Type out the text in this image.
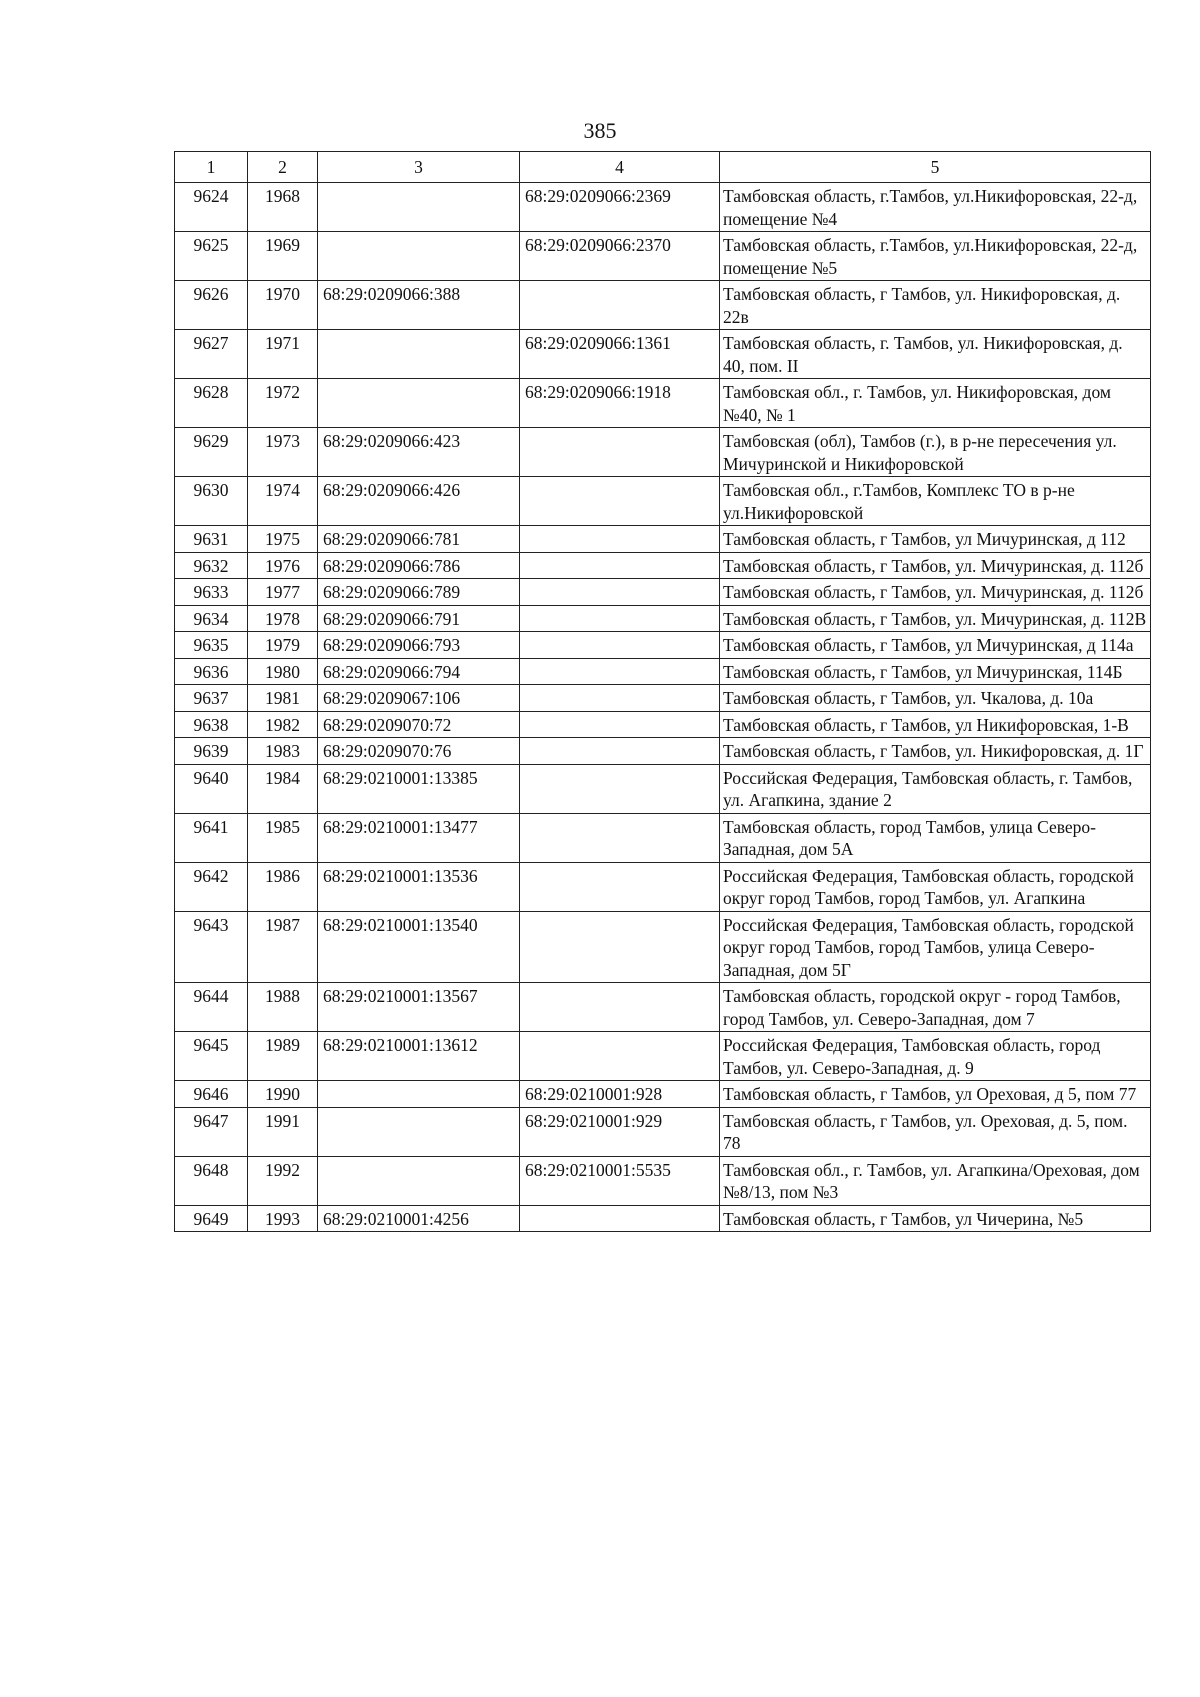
385
1	2	3	4	5
9624	1968		68:29:0209066:2369	Тамбовская область, г.Тамбов, ул.Никифоровская, 22-д, помещение №4
9625	1969		68:29:0209066:2370	Тамбовская область, г.Тамбов, ул.Никифоровская, 22-д, помещение №5
9626	1970	68:29:0209066:388		Тамбовская область, г Тамбов, ул. Никифоровская, д. 22в
9627	1971		68:29:0209066:1361	Тамбовская область, г. Тамбов, ул. Никифоровская, д. 40, пом. II
9628	1972		68:29:0209066:1918	Тамбовская обл., г. Тамбов, ул. Никифоровская, дом №40, № 1
9629	1973	68:29:0209066:423		Тамбовская (обл), Тамбов (г.), в р-не пересечения ул. Мичуринской и Никифоровской
9630	1974	68:29:0209066:426		Тамбовская обл., г.Тамбов, Комплекс ТО в р-не ул.Никифоровской
9631	1975	68:29:0209066:781		Тамбовская область, г Тамбов, ул Мичуринская, д 112
9632	1976	68:29:0209066:786		Тамбовская область, г Тамбов, ул. Мичуринская, д. 112б
9633	1977	68:29:0209066:789		Тамбовская область, г Тамбов, ул. Мичуринская, д. 112б
9634	1978	68:29:0209066:791		Тамбовская область, г Тамбов, ул. Мичуринская, д. 112В
9635	1979	68:29:0209066:793		Тамбовская область, г Тамбов, ул Мичуринская, д 114а
9636	1980	68:29:0209066:794		Тамбовская область, г Тамбов, ул Мичуринская, 114Б
9637	1981	68:29:0209067:106		Тамбовская область, г Тамбов, ул. Чкалова, д. 10а
9638	1982	68:29:0209070:72		Тамбовская область, г Тамбов, ул Никифоровская, 1-В
9639	1983	68:29:0209070:76		Тамбовская область, г Тамбов, ул. Никифоровская, д. 1Г
9640	1984	68:29:0210001:13385		Российская Федерация, Тамбовская область, г. Тамбов, ул. Агапкина, здание 2
9641	1985	68:29:0210001:13477		Тамбовская область, город Тамбов, улица Северо-Западная, дом 5А
9642	1986	68:29:0210001:13536		Российская Федерация, Тамбовская область, городской округ город Тамбов, город Тамбов, ул. Агапкина
9643	1987	68:29:0210001:13540		Российская Федерация, Тамбовская область, городской округ город Тамбов, город Тамбов, улица Северо-Западная, дом 5Г
9644	1988	68:29:0210001:13567		Тамбовская область, городской округ - город Тамбов, город Тамбов, ул. Северо-Западная, дом 7
9645	1989	68:29:0210001:13612		Российская Федерация, Тамбовская область, город Тамбов, ул. Северо-Западная, д. 9
9646	1990		68:29:0210001:928	Тамбовская область, г Тамбов, ул Ореховая, д 5, пом 77
9647	1991		68:29:0210001:929	Тамбовская область, г Тамбов, ул. Ореховая, д. 5, пом. 78
9648	1992		68:29:0210001:5535	Тамбовская обл., г. Тамбов, ул. Агапкина/Ореховая, дом №8/13, пом №3
9649	1993	68:29:0210001:4256		Тамбовская область, г Тамбов, ул Чичерина, №5
